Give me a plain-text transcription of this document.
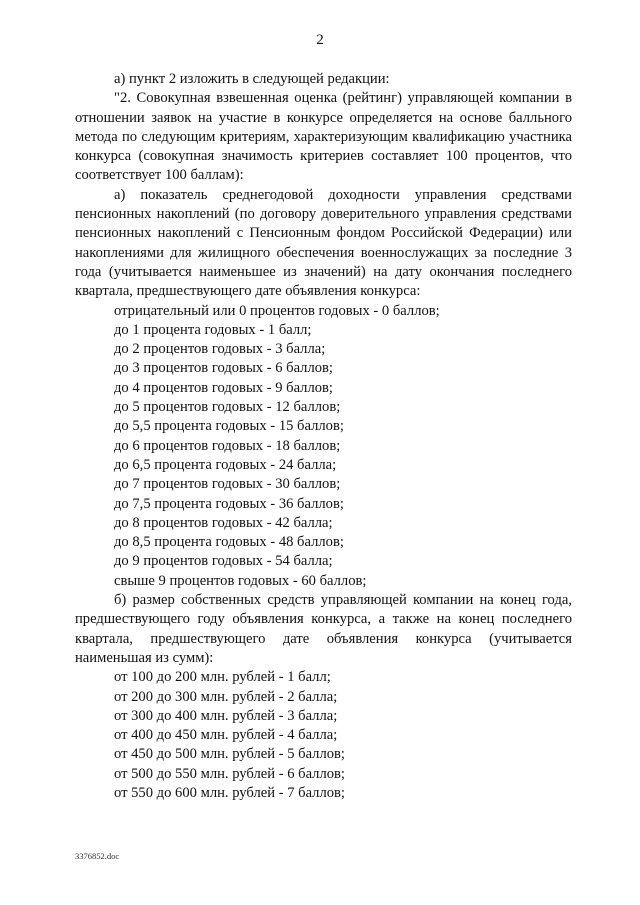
2

а) пункт 2 изложить в следующей редакции:

"2. Совокупная взвешенная оценка (рейтинг) управляющей компании в отношении заявок на участие в конкурсе определяется на основе балльного метода по следующим критериям, характеризующим квалификацию участника конкурса (совокупная значимость критериев составляет 100 процентов, что соответствует 100 баллам):

а) показатель среднегодовой доходности управления средствами пенсионных накоплений (по договору доверительного управления средствами пенсионных накоплений с Пенсионным фондом Российской Федерации) или накоплениями для жилищного обеспечения военнослужащих за последние 3 года (учитывается наименьшее из значений) на дату окончания последнего квартала, предшествующего дате объявления конкурса:

отрицательный или 0 процентов годовых - 0 баллов;

до 1 процента годовых - 1 балл;

до 2 процентов годовых - 3 балла;

до 3 процентов годовых - 6 баллов;

до 4 процентов годовых - 9 баллов;

до 5 процентов годовых - 12 баллов;

до 5,5 процента годовых - 15 баллов;

до 6 процентов годовых - 18 баллов;

до 6,5 процента годовых - 24 балла;

до 7 процентов годовых - 30 баллов;

до 7,5 процента годовых - 36 баллов;

до 8 процентов годовых - 42 балла;

до 8,5 процента годовых - 48 баллов;

до 9 процентов годовых - 54 балла;

свыше 9 процентов годовых - 60 баллов;

б) размер собственных средств управляющей компании на конец года, предшествующего году объявления конкурса, а также на конец последнего квартала, предшествующего дате объявления конкурса (учитывается наименьшая из сумм):

от 100 до 200 млн. рублей - 1 балл;

от 200 до 300 млн. рублей - 2 балла;

от 300 до 400 млн. рублей - 3 балла;

от 400 до 450 млн. рублей - 4 балла;

от 450 до 500 млн. рублей - 5 баллов;

от 500 до 550 млн. рублей - 6 баллов;

от 550 до 600 млн. рублей - 7 баллов;

3376852.doc
